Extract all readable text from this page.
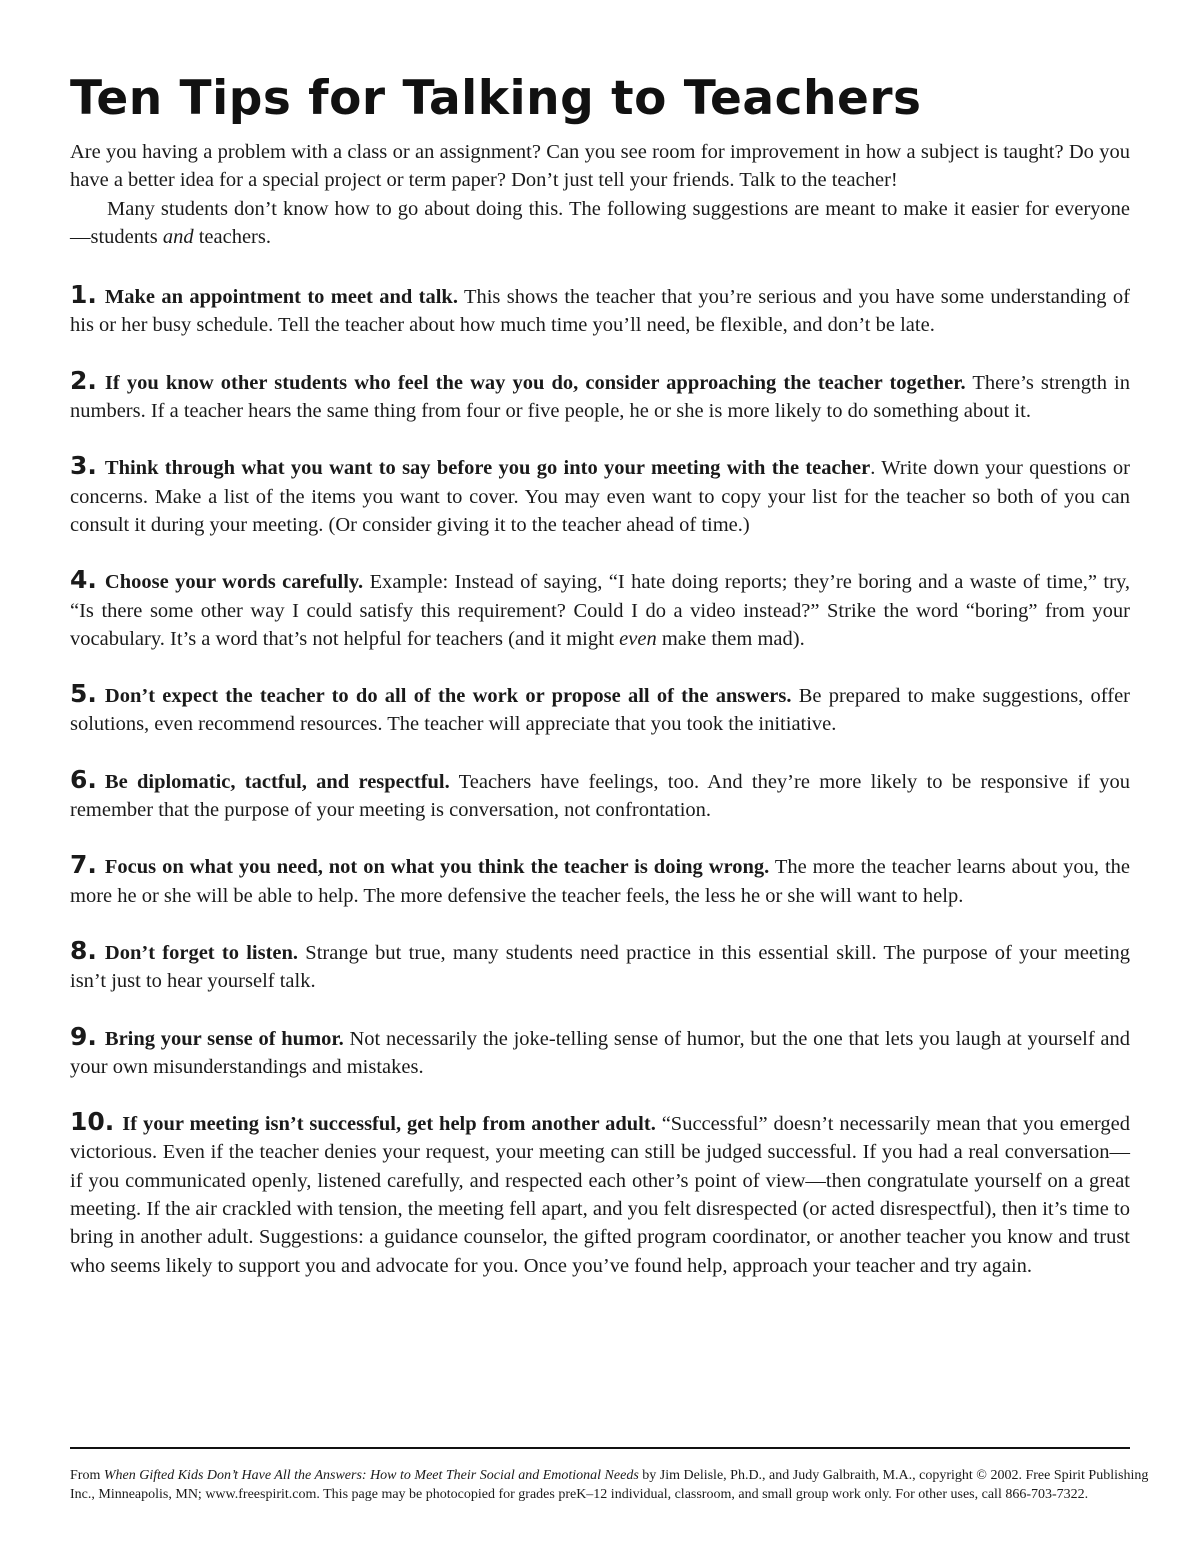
Ten Tips for Talking to Teachers

Are you having a problem with a class or an assignment? Can you see room for improvement in how a subject is taught? Do you have a better idea for a special project or term paper? Don’t just tell your friends. Talk to the teacher!

Many students don’t know how to go about doing this. The following suggestions are meant to make it easier for everyone—students and teachers.

1. Make an appointment to meet and talk. This shows the teacher that you’re serious and you have some understanding of his or her busy schedule. Tell the teacher about how much time you’ll need, be flexible, and don’t be late.

2. If you know other students who feel the way you do, consider approaching the teacher together. There’s strength in numbers. If a teacher hears the same thing from four or five people, he or she is more likely to do something about it.

3. Think through what you want to say before you go into your meeting with the teacher. Write down your questions or concerns. Make a list of the items you want to cover. You may even want to copy your list for the teacher so both of you can consult it during your meeting. (Or consider giving it to the teacher ahead of time.)

4. Choose your words carefully. Example: Instead of saying, “I hate doing reports; they’re boring and a waste of time,” try, “Is there some other way I could satisfy this requirement? Could I do a video instead?” Strike the word “boring” from your vocabulary. It’s a word that’s not helpful for teachers (and it might even make them mad).

5. Don’t expect the teacher to do all of the work or propose all of the answers. Be prepared to make suggestions, offer solutions, even recommend resources. The teacher will appreciate that you took the initiative.

6. Be diplomatic, tactful, and respectful. Teachers have feelings, too. And they’re more likely to be responsive if you remember that the purpose of your meeting is conversation, not confrontation.

7. Focus on what you need, not on what you think the teacher is doing wrong. The more the teacher learns about you, the more he or she will be able to help. The more defensive the teacher feels, the less he or she will want to help.

8. Don’t forget to listen. Strange but true, many students need practice in this essential skill. The purpose of your meeting isn’t just to hear yourself talk.

9. Bring your sense of humor. Not necessarily the joke-telling sense of humor, but the one that lets you laugh at yourself and your own misunderstandings and mistakes.

10. If your meeting isn’t successful, get help from another adult. “Successful” doesn’t necessarily mean that you emerged victorious. Even if the teacher denies your request, your meeting can still be judged successful. If you had a real conversation—if you communicated openly, listened carefully, and respected each other’s point of view—then congratulate yourself on a great meeting. If the air crackled with tension, the meeting fell apart, and you felt disrespected (or acted disrespectful), then it’s time to bring in another adult. Suggestions: a guidance counselor, the gifted program coordinator, or another teacher you know and trust who seems likely to support you and advocate for you. Once you’ve found help, approach your teacher and try again.

From When Gifted Kids Don’t Have All the Answers: How to Meet Their Social and Emotional Needs by Jim Delisle, Ph.D., and Judy Galbraith, M.A., copyright © 2002. Free Spirit Publishing Inc., Minneapolis, MN; www.freespirit.com. This page may be photocopied for grades preK–12 individual, classroom, and small group work only. For other uses, call 866-703-7322.
